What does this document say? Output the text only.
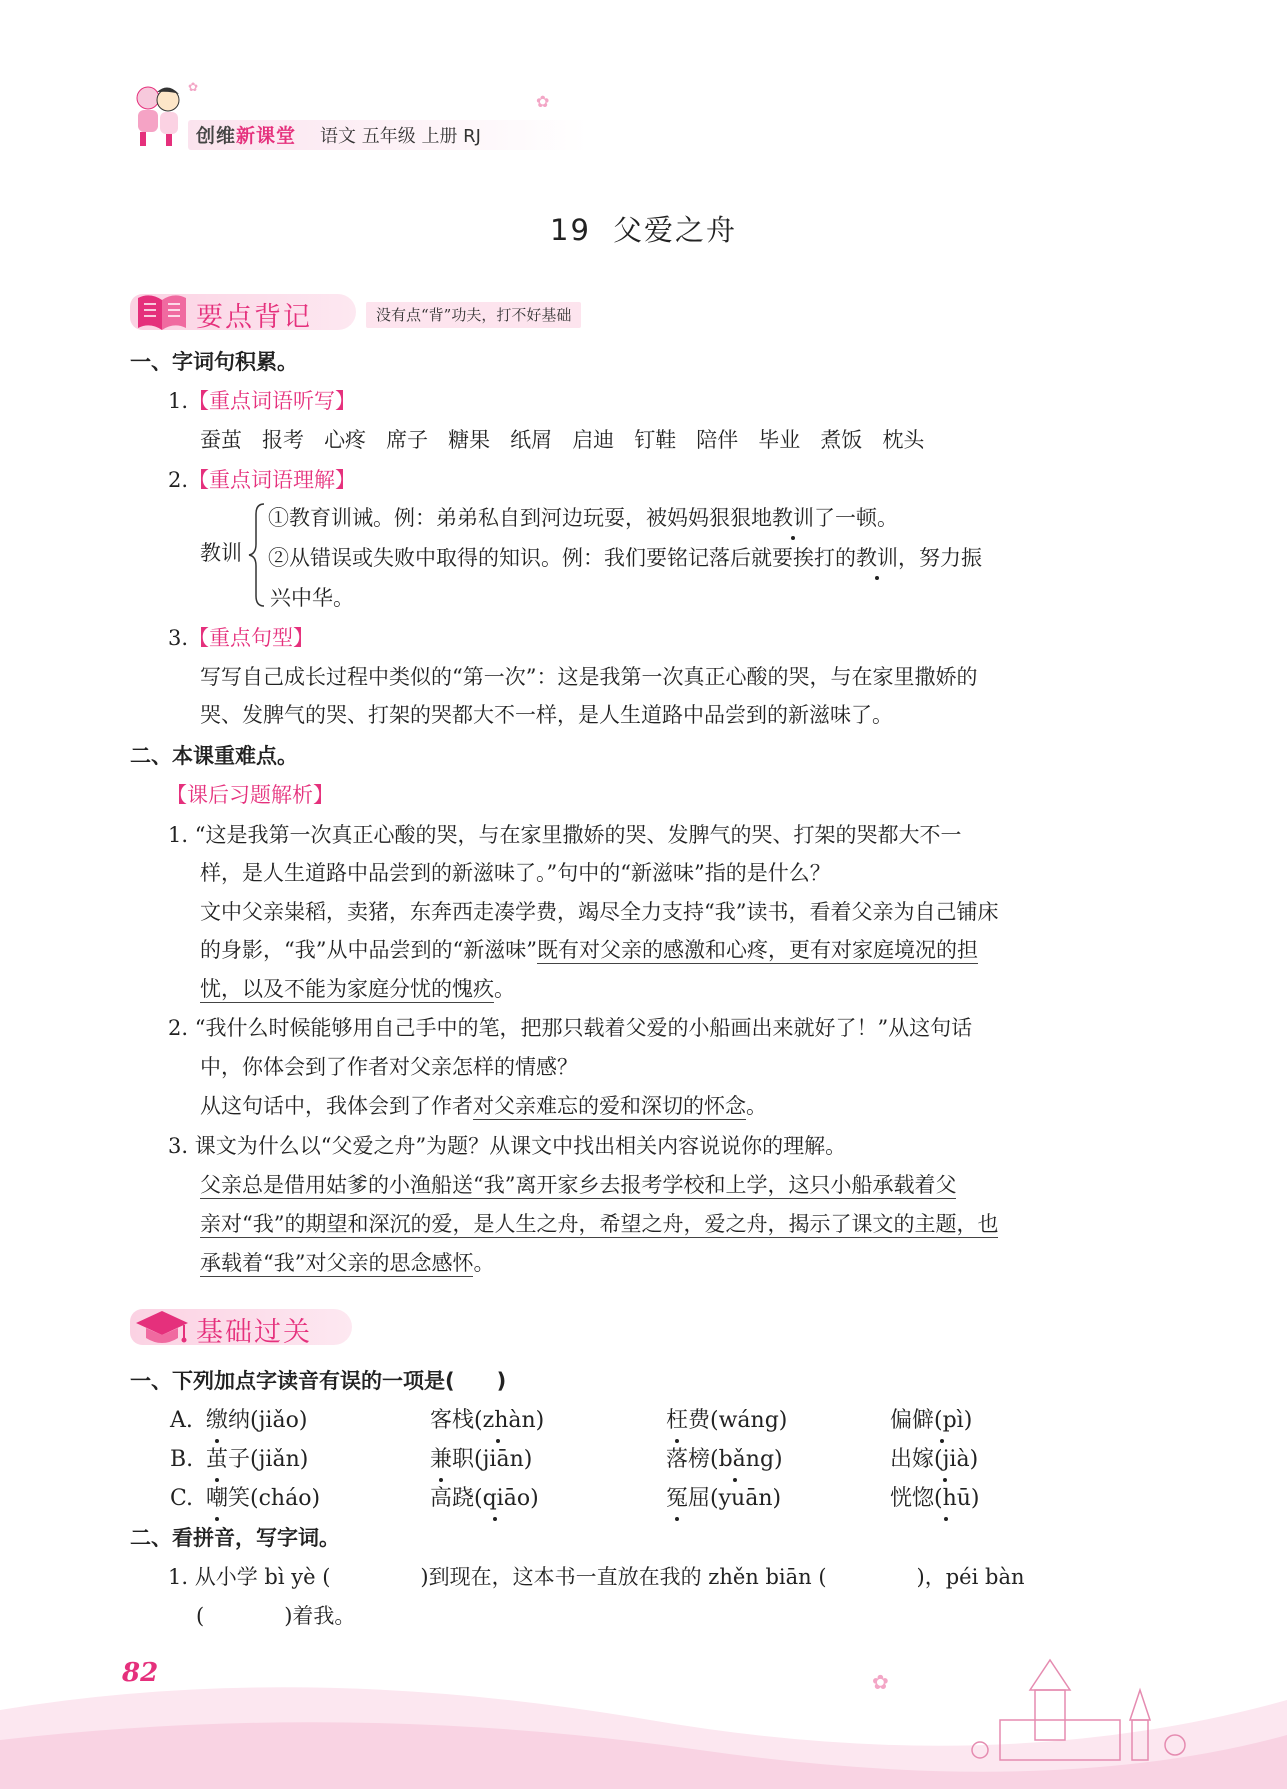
创维新课堂 语文 五年级 上册 RJ
✿
✿
19 父爱之舟
要点背记	没有点“背”功夫，打不好基础
一、字词句积累。
1.【重点词语听写】
蚕茧 报考 心疼 席子 糖果 纸屑 启迪 钉鞋 陪伴 毕业 煮饭 枕头
2.【重点词语理解】
教训
①教育训诫。例：弟弟私自到河边玩耍，被妈妈狠狠地教训了一顿。
②从错误或失败中取得的知识。例：我们要铭记落后就要挨打的教训，努力振
兴中华。
3.【重点句型】
写写自己成长过程中类似的“第一次”：这是我第一次真正心酸的哭，与在家里撒娇的
哭、发脾气的哭、打架的哭都大不一样，是人生道路中品尝到的新滋味了。
二、本课重难点。
【课后习题解析】
1. “这是我第一次真正心酸的哭，与在家里撒娇的哭、发脾气的哭、打架的哭都大不一
样，是人生道路中品尝到的新滋味了。”句中的“新滋味”指的是什么？
文中父亲粜稻，卖猪，东奔西走凑学费，竭尽全力支持“我”读书，看着父亲为自己铺床
的身影，“我”从中品尝到的“新滋味”既有对父亲的感激和心疼，更有对家庭境况的担
忧，以及不能为家庭分忧的愧疚。
2. “我什么时候能够用自己手中的笔，把那只载着父爱的小船画出来就好了！”从这句话
中，你体会到了作者对父亲怎样的情感？
从这句话中，我体会到了作者对父亲难忘的爱和深切的怀念。
3. 课文为什么以“父爱之舟”为题？从课文中找出相关内容说说你的理解。
父亲总是借用姑爹的小渔船送“我”离开家乡去报考学校和上学，这只小船承载着父
亲对“我”的期望和深沉的爱，是人生之舟，希望之舟，爱之舟，揭示了课文的主题，也
承载着“我”对父亲的思念感怀。
基础过关
一、下列加点字读音有误的一项是(　　)
A. 缴纳(jiǎo)	客栈(zhàn)	枉费(wáng)	偏僻(pì)
B. 茧子(jiǎn)	兼职(jiān)	落榜(bǎng)	出嫁(jià)
C. 嘲笑(cháo)	高跷(qiāo)	冤屈(yuān)	恍惚(hū)
二、看拼音，写字词。
1. 从小学 bì yè (	)到现在，这本书一直放在我的 zhěn biān (	)，péi bàn
(	)着我。
✿
82
